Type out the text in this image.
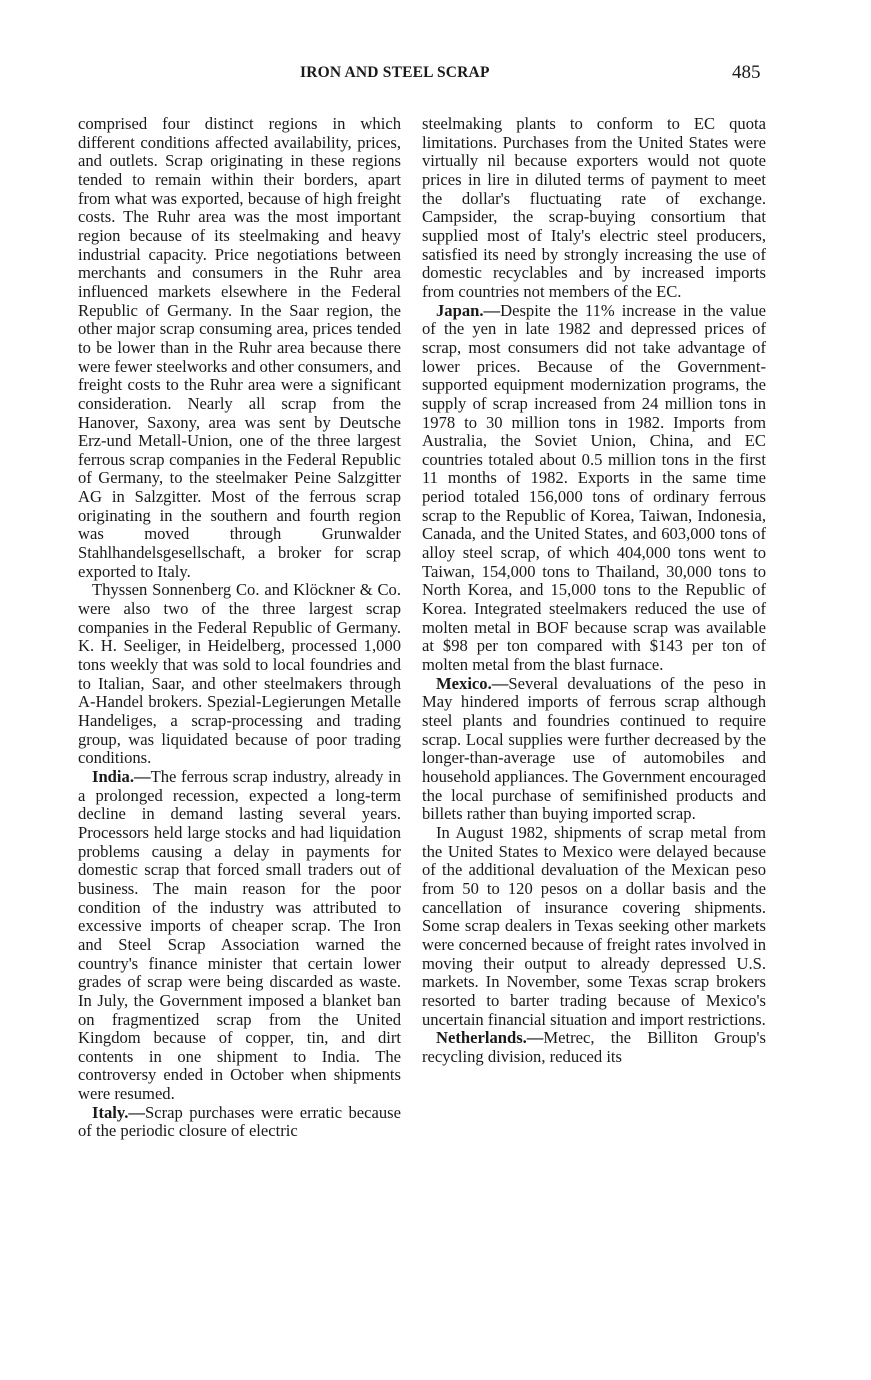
IRON AND STEEL SCRAP	485

comprised four distinct regions in which different conditions affected availability, prices, and outlets. Scrap originating in these regions tended to remain within their borders, apart from what was exported, because of high freight costs. The Ruhr area was the most important region because of its steelmaking and heavy industrial capacity. Price negotiations between merchants and consumers in the Ruhr area influenced markets elsewhere in the Federal Republic of Germany. In the Saar region, the other major scrap consuming area, prices tended to be lower than in the Ruhr area because there were fewer steelworks and other consumers, and freight costs to the Ruhr area were a significant consideration. Nearly all scrap from the Hanover, Saxony, area was sent by Deutsche Erz-und Metall-Union, one of the three largest ferrous scrap companies in the Federal Republic of Germany, to the steelmaker Peine Salzgitter AG in Salzgitter. Most of the ferrous scrap originating in the southern and fourth region was moved through Grunwalder Stahlhandelsgesellschaft, a broker for scrap exported to Italy.

Thyssen Sonnenberg Co. and Klöckner & Co. were also two of the three largest scrap companies in the Federal Republic of Germany. K. H. Seeliger, in Heidelberg, processed 1,000 tons weekly that was sold to local foundries and to Italian, Saar, and other steelmakers through A-Handel brokers. Spezial-Legierungen Metalle Handeliges, a scrap-processing and trading group, was liquidated because of poor trading conditions.

India.—The ferrous scrap industry, already in a prolonged recession, expected a long-term decline in demand lasting several years. Processors held large stocks and had liquidation problems causing a delay in payments for domestic scrap that forced small traders out of business. The main reason for the poor condition of the industry was attributed to excessive imports of cheaper scrap. The Iron and Steel Scrap Association warned the country's finance minister that certain lower grades of scrap were being discarded as waste. In July, the Government imposed a blanket ban on fragmentized scrap from the United Kingdom because of copper, tin, and dirt contents in one shipment to India. The controversy ended in October when shipments were resumed.

Italy.—Scrap purchases were erratic because of the periodic closure of electric

steelmaking plants to conform to EC quota limitations. Purchases from the United States were virtually nil because exporters would not quote prices in lire in diluted terms of payment to meet the dollar's fluctuating rate of exchange. Campsider, the scrap-buying consortium that supplied most of Italy's electric steel producers, satisfied its need by strongly increasing the use of domestic recyclables and by increased imports from countries not members of the EC.

Japan.—Despite the 11% increase in the value of the yen in late 1982 and depressed prices of scrap, most consumers did not take advantage of lower prices. Because of the Government-supported equipment modernization programs, the supply of scrap increased from 24 million tons in 1978 to 30 million tons in 1982. Imports from Australia, the Soviet Union, China, and EC countries totaled about 0.5 million tons in the first 11 months of 1982. Exports in the same time period totaled 156,000 tons of ordinary ferrous scrap to the Republic of Korea, Taiwan, Indonesia, Canada, and the United States, and 603,000 tons of alloy steel scrap, of which 404,000 tons went to Taiwan, 154,000 tons to Thailand, 30,000 tons to North Korea, and 15,000 tons to the Republic of Korea. Integrated steelmakers reduced the use of molten metal in BOF because scrap was available at $98 per ton compared with $143 per ton of molten metal from the blast furnace.

Mexico.—Several devaluations of the peso in May hindered imports of ferrous scrap although steel plants and foundries continued to require scrap. Local supplies were further decreased by the longer-than-average use of automobiles and household appliances. The Government encouraged the local purchase of semifinished products and billets rather than buying imported scrap.

In August 1982, shipments of scrap metal from the United States to Mexico were delayed because of the additional devaluation of the Mexican peso from 50 to 120 pesos on a dollar basis and the cancellation of insurance covering shipments. Some scrap dealers in Texas seeking other markets were concerned because of freight rates involved in moving their output to already depressed U.S. markets. In November, some Texas scrap brokers resorted to barter trading because of Mexico's uncertain financial situation and import restrictions.

Netherlands.—Metrec, the Billiton Group's recycling division, reduced its
